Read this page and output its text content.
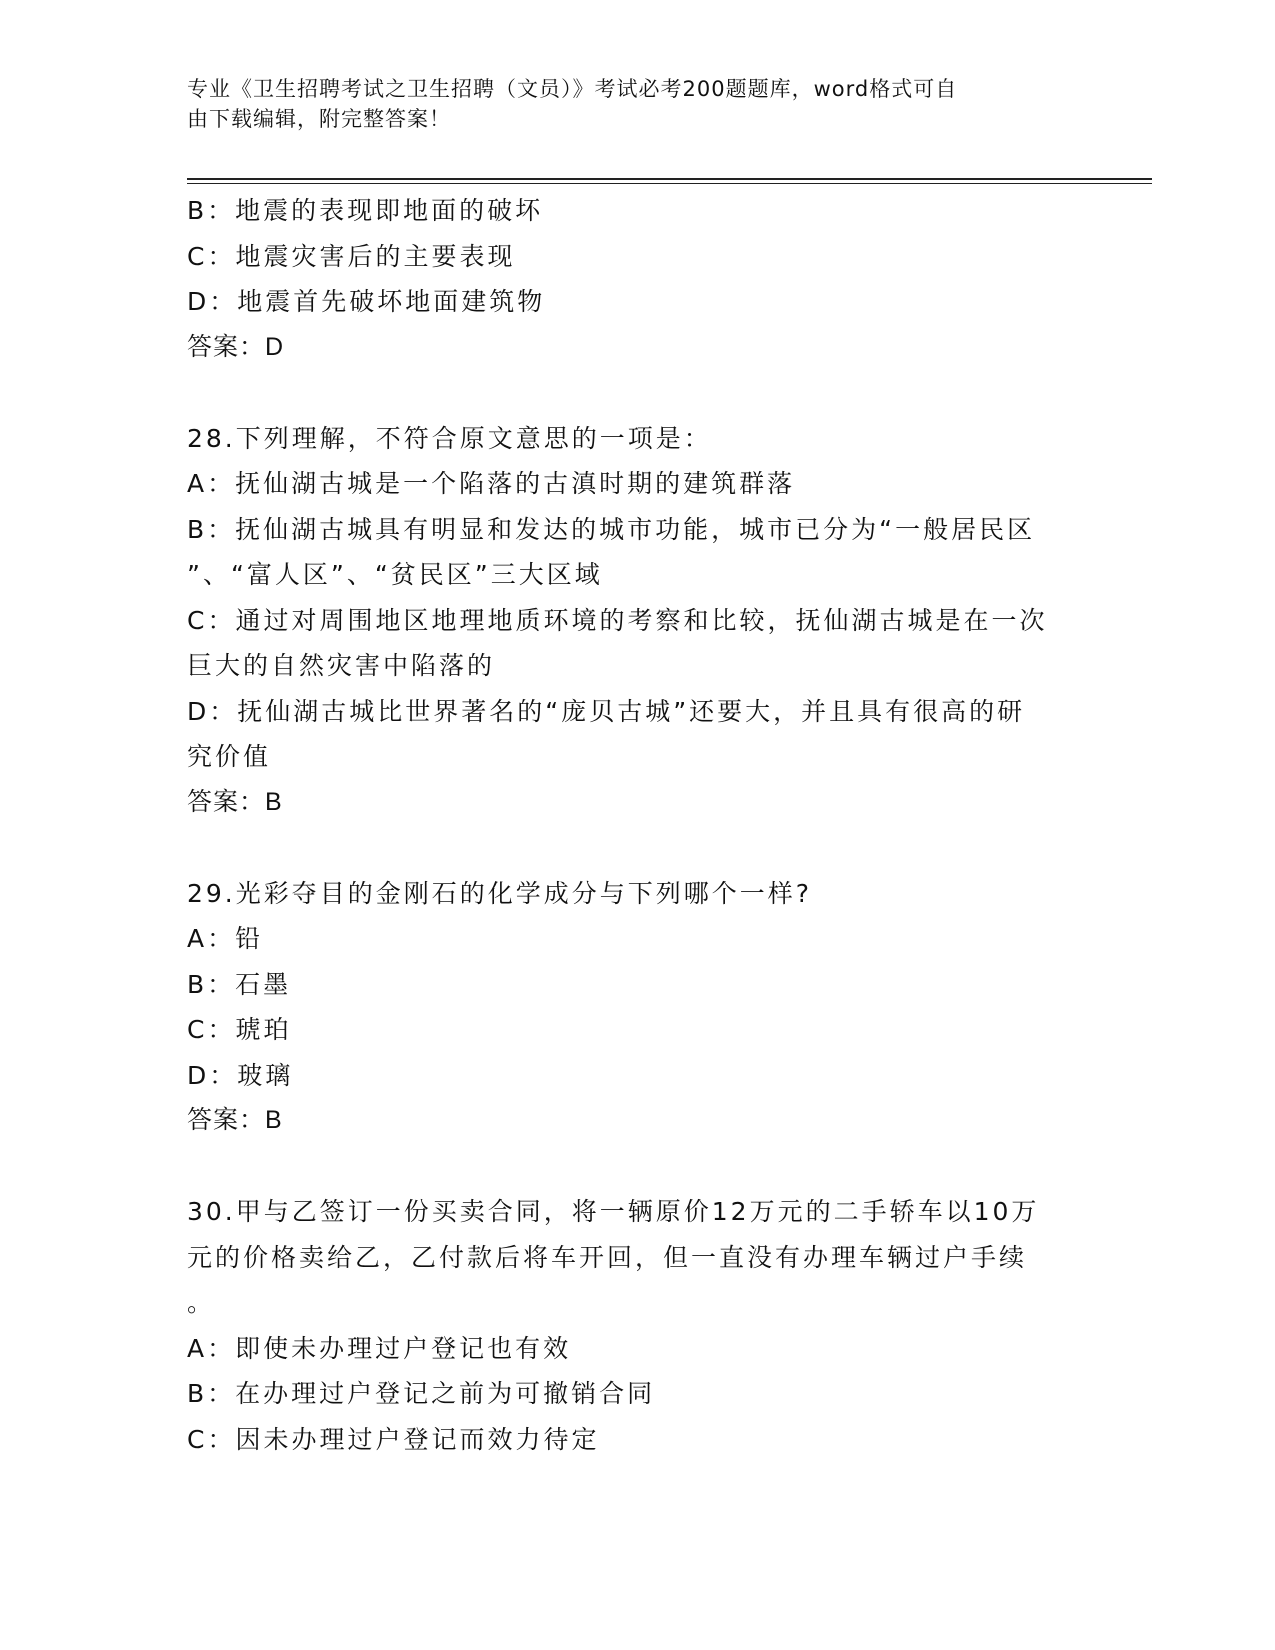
专业《卫生招聘考试之卫生招聘（文员）》考试必考200题题库，word格式可自
由下载编辑，附完整答案！

B：地震的表现即地面的破坏

C：地震灾害后的主要表现

D：地震首先破坏地面建筑物

答案：D

28.下列理解，不符合原文意思的一项是：

A：抚仙湖古城是一个陷落的古滇时期的建筑群落

B：抚仙湖古城具有明显和发达的城市功能，城市已分为“一般居民区

”、“富人区”、“贫民区”三大区域

C：通过对周围地区地理地质环境的考察和比较，抚仙湖古城是在一次

巨大的自然灾害中陷落的

D：抚仙湖古城比世界著名的“庞贝古城”还要大，并且具有很高的研

究价值

答案：B

29.光彩夺目的金刚石的化学成分与下列哪个一样?

A：铅

B：石墨

C：琥珀

D：玻璃

答案：B

30.甲与乙签订一份买卖合同，将一辆原价12万元的二手轿车以10万

元的价格卖给乙，乙付款后将车开回，但一直没有办理车辆过户手续

。

A：即使未办理过户登记也有效

B：在办理过户登记之前为可撤销合同

C：因未办理过户登记而效力待定
